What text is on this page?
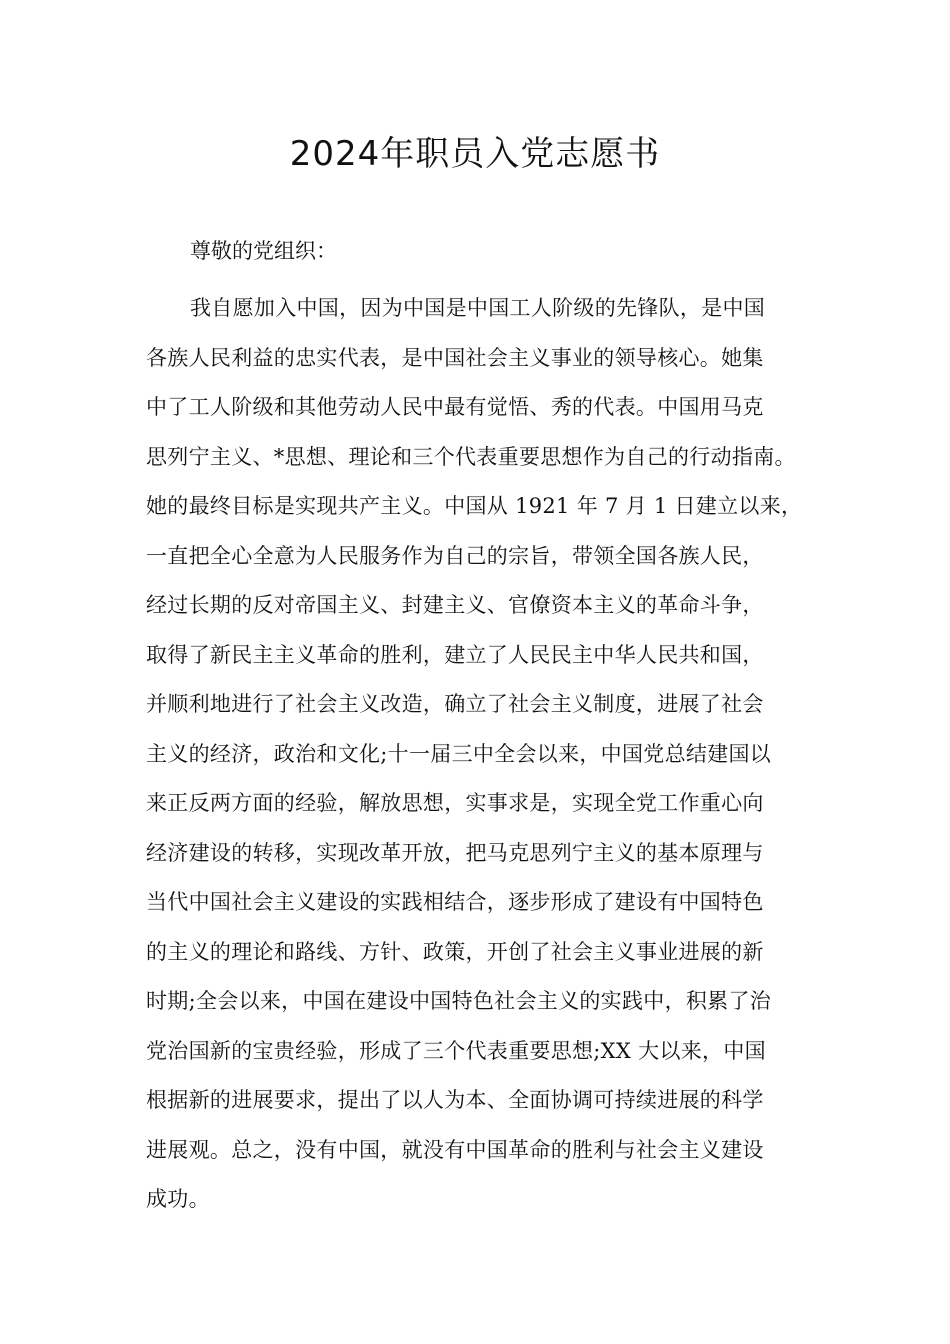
2024年职员入党志愿书

尊敬的党组织：

我自愿加入中国，因为中国是中国工人阶级的先锋队，是中国
各族人民利益的忠实代表，是中国社会主义事业的领导核心。她集
中了工人阶级和其他劳动人民中最有觉悟、秀的代表。中国用马克
思列宁主义、*思想、理论和三个代表重要思想作为自己的行动指南。
她的最终目标是实现共产主义。中国从 1921 年 7 月 1 日建立以来，
一直把全心全意为人民服务作为自己的宗旨，带领全国各族人民，
经过长期的反对帝国主义、封建主义、官僚资本主义的革命斗争，
取得了新民主主义革命的胜利，建立了人民民主中华人民共和国，
并顺利地进行了社会主义改造，确立了社会主义制度，进展了社会
主义的经济，政治和文化;十一届三中全会以来，中国党总结建国以
来正反两方面的经验，解放思想，实事求是，实现全党工作重心向
经济建设的转移，实现改革开放，把马克思列宁主义的基本原理与
当代中国社会主义建设的实践相结合，逐步形成了建设有中国特色
的主义的理论和路线、方针、政策，开创了社会主义事业进展的新
时期;全会以来，中国在建设中国特色社会主义的实践中，积累了治
党治国新的宝贵经验，形成了三个代表重要思想;XX 大以来，中国
根据新的进展要求，提出了以人为本、全面协调可持续进展的科学
进展观。总之，没有中国，就没有中国革命的胜利与社会主义建设
成功。
